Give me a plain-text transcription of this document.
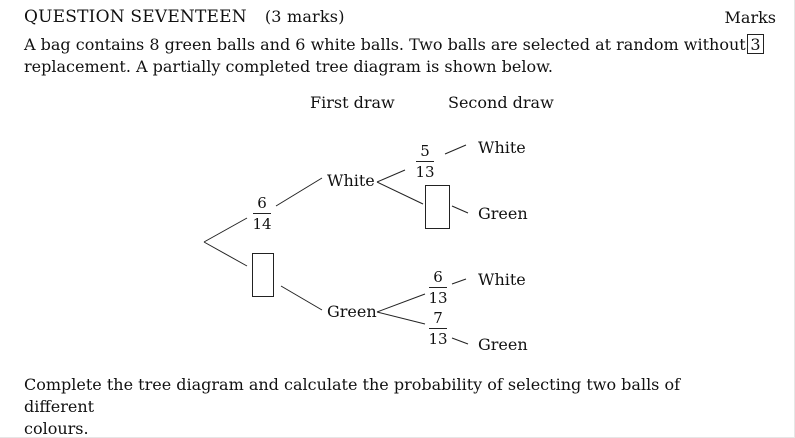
QUESTION SEVENTEEN (3 marks)	Marks
3
A bag contains 8 green balls and 6 white balls. Two balls are selected at random without
replacement. A partially completed tree diagram is shown below.
First draw	Second draw
6
14
White
Green
5
13
White
Green
6
13
7
13
White
Green
Complete the tree diagram and calculate the probability of selecting two balls of different
colours.
